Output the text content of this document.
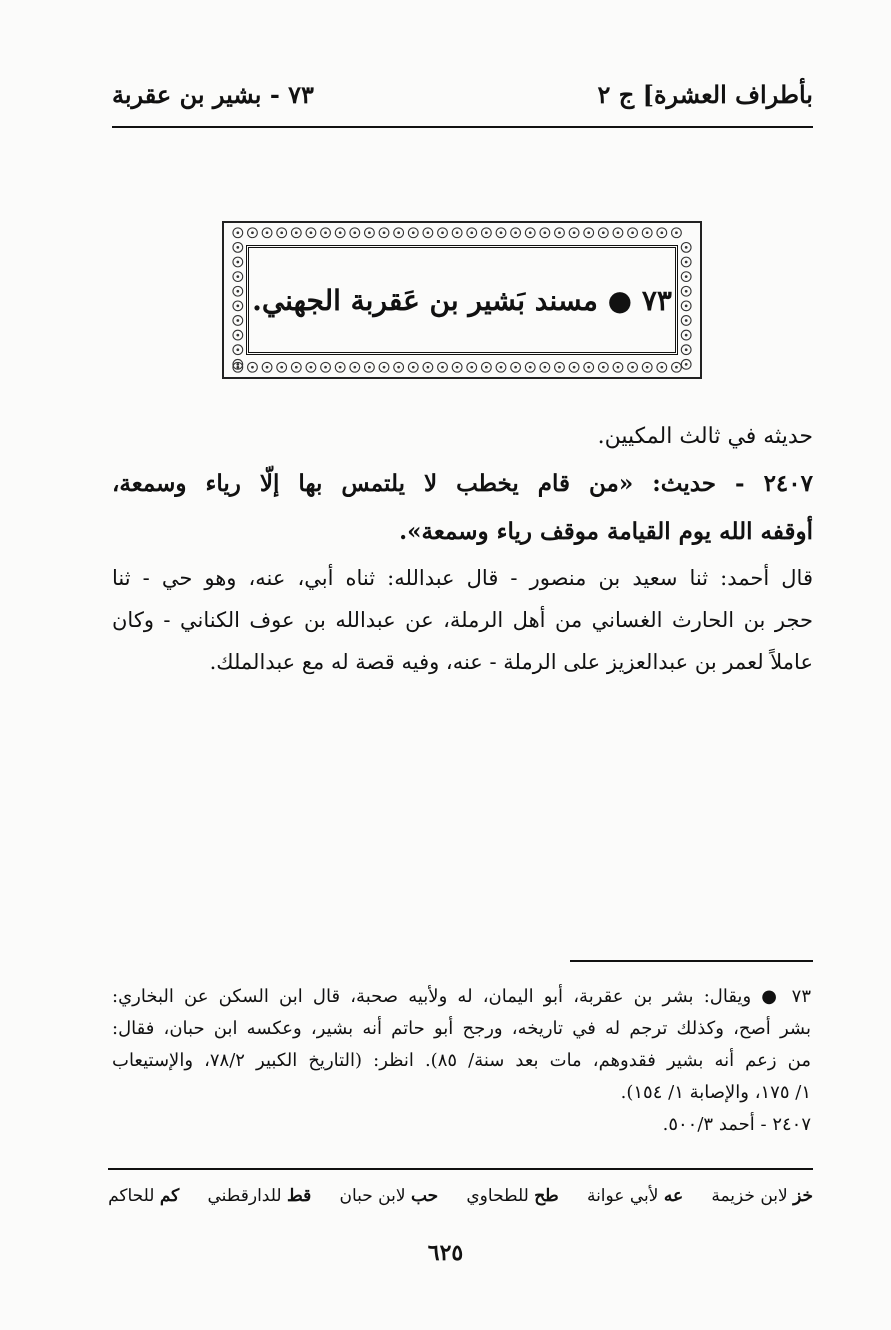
بأطراف العشرة] ج ٢
٧٣ - بشير بن عقربة
٧٣ ● مسند بَشير بن عَقربة الجهني.
حديثه في ثالث المكيين.
٢٤٠٧ - حديث: «من قام يخطب لا يلتمس بها إلّا رياء وسمعة،
أوقفه الله يوم القيامة موقف رياء وسمعة».
قال أحمد: ثنا سعيد بن منصور - قال عبدالله: ثناه أبي، عنه، وهو حي - ثنا
حجر بن الحارث الغساني من أهل الرملة، عن عبدالله بن عوف الكناني - وكان
عاملاً لعمر بن عبدالعزيز على الرملة - عنه، وفيه قصة له مع عبدالملك.
٧٣ ● ويقال: بشر بن عقربة، أبو اليمان، له ولأبيه صحبة، قال ابن السكن عن البخاري:
بشر أصح، وكذلك ترجم له في تاريخه، ورجح أبو حاتم أنه بشير، وعكسه ابن حبان، فقال:
من زعم أنه بشير فقدوهم، مات بعد سنة/ ٨٥). انظر: (التاريخ الكبير ٧٨/٢، والإستيعاب
١/ ١٧٥، والإصابة ١/ ١٥٤).
٢٤٠٧ - أحمد ٥٠٠/٣.
خز لابن خزيمة
عه لأبي عوانة
طح للطحاوي
حب لابن حبان
قط للدارقطني
كم للحاكم
٦٢٥
